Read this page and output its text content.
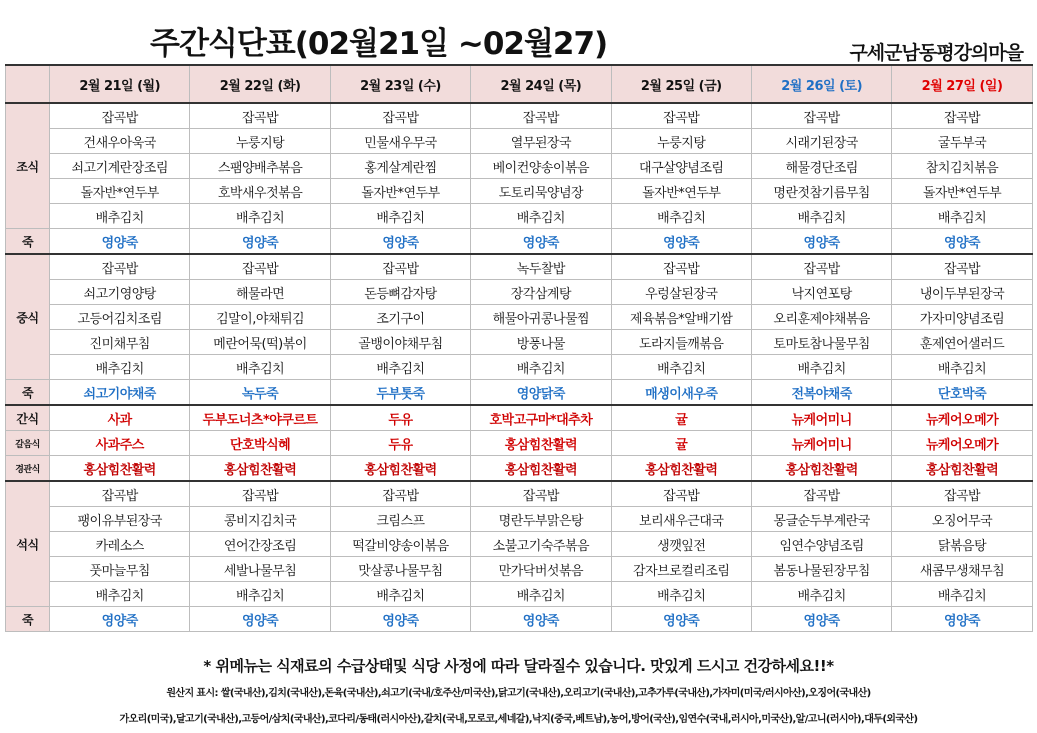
주간식단표(02월21일 ~02월27)	구세군남동평강의마을
	2월 21일 (월)	2월 22일 (화)	2월 23일 (수)	2월 24일 (목)	2월 25일 (금)	2월 26일 (토)	2월 27일 (일)
조식	잡곡밥	잡곡밥	잡곡밥	잡곡밥	잡곡밥	잡곡밥	잡곡밥
	건새우아욱국	누룽지탕	민물새우무국	열무된장국	누룽지탕	시래기된장국	굴두부국
	쇠고기계란장조림	스팸양배추볶음	홍게살계란찜	베이컨양송이볶음	대구살양념조림	해물경단조림	참치김치볶음
	돌자반*연두부	호박새우젓볶음	돌자반*연두부	도토리묵양념장	돌자반*연두부	명란젓참기름무침	돌자반*연두부
	배추김치	배추김치	배추김치	배추김치	배추김치	배추김치	배추김치
죽	영양죽	영양죽	영양죽	영양죽	영양죽	영양죽	영양죽
중식	잡곡밥	잡곡밥	잡곡밥	녹두찰밥	잡곡밥	잡곡밥	잡곡밥
	쇠고기영양탕	해물라면	돈등뼈감자탕	장각삼계탕	우렁살된장국	낙지연포탕	냉이두부된장국
	고등어김치조림	김말이,야채튀김	조기구이	해물아귀콩나물찜	제육볶음*알배기쌈	오리훈제야채볶음	가자미양념조림
	진미채무침	메란어묵(떡)볶이	골뱅이야채무침	방풍나물	도라지들깨볶음	토마토참나물무침	훈제연어샐러드
	배추김치	배추김치	배추김치	배추김치	배추김치	배추김치	배추김치
죽	쇠고기야채죽	녹두죽	두부톳죽	영양닭죽	매생이새우죽	전복야채죽	단호박죽
간식	사과	두부도너츠*야쿠르트	두유	호박고구마*대추차	귤	뉴케어미니	뉴케어오메가
갈음식	사과주스	단호박식혜	두유	홍삼힘찬활력	귤	뉴케어미니	뉴케어오메가
경관식	홍삼힘찬활력	홍삼힘찬활력	홍삼힘찬활력	홍삼힘찬활력	홍삼힘찬활력	홍삼힘찬활력	홍삼힘찬활력
석식	잡곡밥	잡곡밥	잡곡밥	잡곡밥	잡곡밥	잡곡밥	잡곡밥
	팽이유부된장국	콩비지김치국	크림스프	명란두부맑은탕	보리새우근대국	몽글순두부계란국	오징어무국
	카레소스	연어간장조림	떡갈비양송이볶음	소불고기숙주볶음	생깻잎전	임연수양념조림	닭볶음탕
	풋마늘무침	세발나물무침	맛살콩나물무침	만가닥버섯볶음	감자브로컬리조림	봄동나물된장무침	새콤무생채무침
	배추김치	배추김치	배추김치	배추김치	배추김치	배추김치	배추김치
죽	영양죽	영양죽	영양죽	영양죽	영양죽	영양죽	영양죽
* 위메뉴는 식재료의 수급상태및 식당 사정에 따라 달라질수 있습니다. 맛있게 드시고 건강하세요!!*
원산지 표시: 쌀(국내산),김치(국내산),돈육(국내산),쇠고기(국내/호주산/미국산),닭고기(국내산),오리고기(국내산),고추가루(국내산),가자미(미국/러시아산),오징어(국내산)
가오리(미국),달고기(국내산),고등어/삼치(국내산),코다리/동태(러시아산),갈치(국내,모로코,세네갈),낙지(중국,베트남),농어,방어(국산),임연수(국내,러시아,미국산),알/고니(러시아),대두(외국산)
